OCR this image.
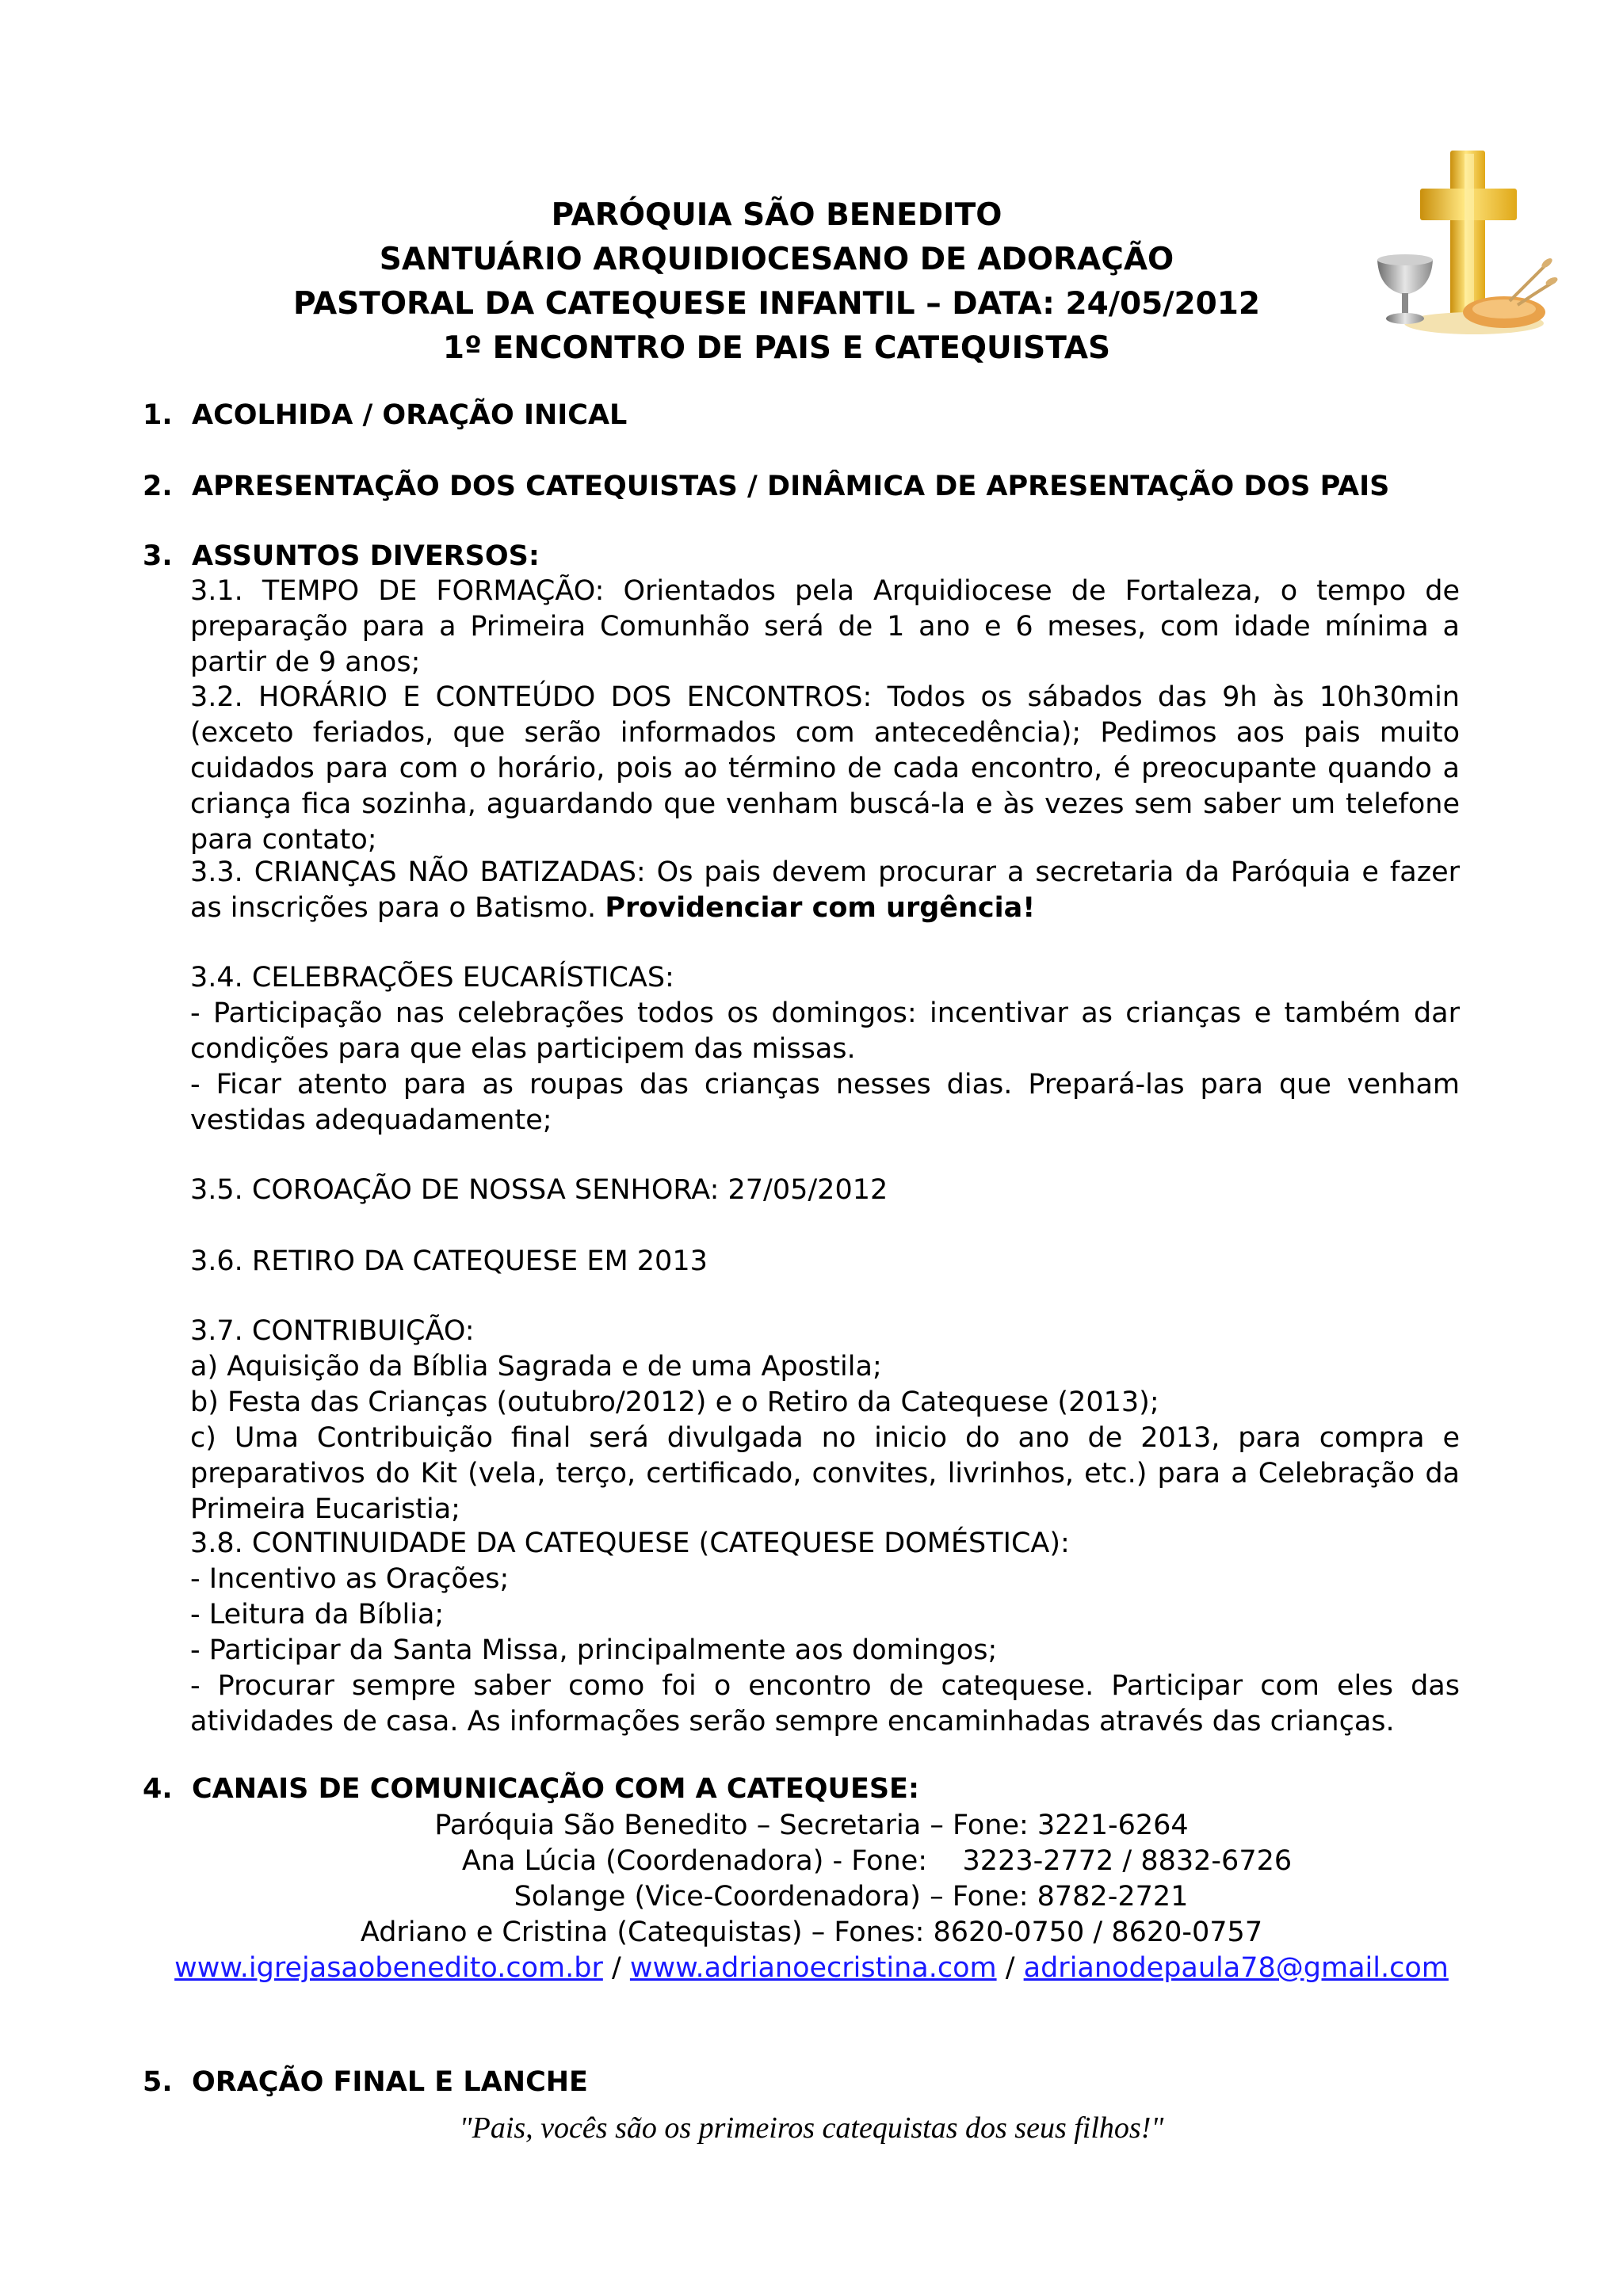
PARÓQUIA SÃO BENEDITO
SANTUÁRIO ARQUIDIOCESANO DE ADORAÇÃO
PASTORAL DA CATEQUESE INFANTIL – DATA: 24/05/2012
1º ENCONTRO DE PAIS E CATEQUISTAS
1. ACOLHIDA / ORAÇÃO INICAL
2. APRESENTAÇÃO DOS CATEQUISTAS / DINÂMICA DE APRESENTAÇÃO DOS PAIS
3. ASSUNTOS DIVERSOS:

3.1. TEMPO DE FORMAÇÃO: Orientados pela Arquidiocese de Fortaleza, o tempo de preparação para a Primeira Comunhão será de 1 ano e 6 meses, com idade mínima a partir de 9 anos;

3.2. HORÁRIO E CONTEÚDO DOS ENCONTROS: Todos os sábados das 9h às 10h30min (exceto feriados, que serão informados com antecedência); Pedimos aos pais muito cuidados para com o horário, pois ao término de cada encontro, é preocupante quando a criança fica sozinha, aguardando que venham buscá-la e às vezes sem saber um telefone para contato;

3.3. CRIANÇAS NÃO BATIZADAS: Os pais devem procurar a secretaria da Paróquia e fazer as inscrições para o Batismo. Providenciar com urgência!

3.4. CELEBRAÇÕES EUCARÍSTICAS:

- Participação nas celebrações todos os domingos: incentivar as crianças e também dar condições para que elas participem das missas.

- Ficar atento para as roupas das crianças nesses dias. Prepará-las para que venham vestidas adequadamente;

3.5. COROAÇÃO DE NOSSA SENHORA: 27/05/2012

3.6. RETIRO DA CATEQUESE EM 2013

3.7. CONTRIBUIÇÃO:

a) Aquisição da Bíblia Sagrada e de uma Apostila;

b) Festa das Crianças (outubro/2012) e o Retiro da Catequese (2013);

c) Uma Contribuição final será divulgada no inicio do ano de 2013, para compra e preparativos do Kit (vela, terço, certificado, convites, livrinhos, etc.) para a Celebração da Primeira Eucaristia;

3.8. CONTINUIDADE DA CATEQUESE (CATEQUESE DOMÉSTICA):

- Incentivo as Orações;

- Leitura da Bíblia;

- Participar da Santa Missa, principalmente aos domingos;

- Procurar sempre saber como foi o encontro de catequese. Participar com eles das atividades de casa. As informações serão sempre encaminhadas através das crianças.

4. CANAIS DE COMUNICAÇÃO COM A CATEQUESE:
Paróquia São Benedito – Secretaria – Fone: 3221-6264
Ana Lúcia (Coordenadora) - Fone:    3223-2772 / 8832-6726
Solange (Vice-Coordenadora) – Fone: 8782-2721
Adriano e Cristina (Catequistas) – Fones: 8620-0750 / 8620-0757
www.igrejasaobenedito.com.br / www.adrianoecristina.com / adrianodepaula78@gmail.com
5. ORAÇÃO FINAL E LANCHE
"Pais, vocês são os primeiros catequistas dos seus filhos!"
